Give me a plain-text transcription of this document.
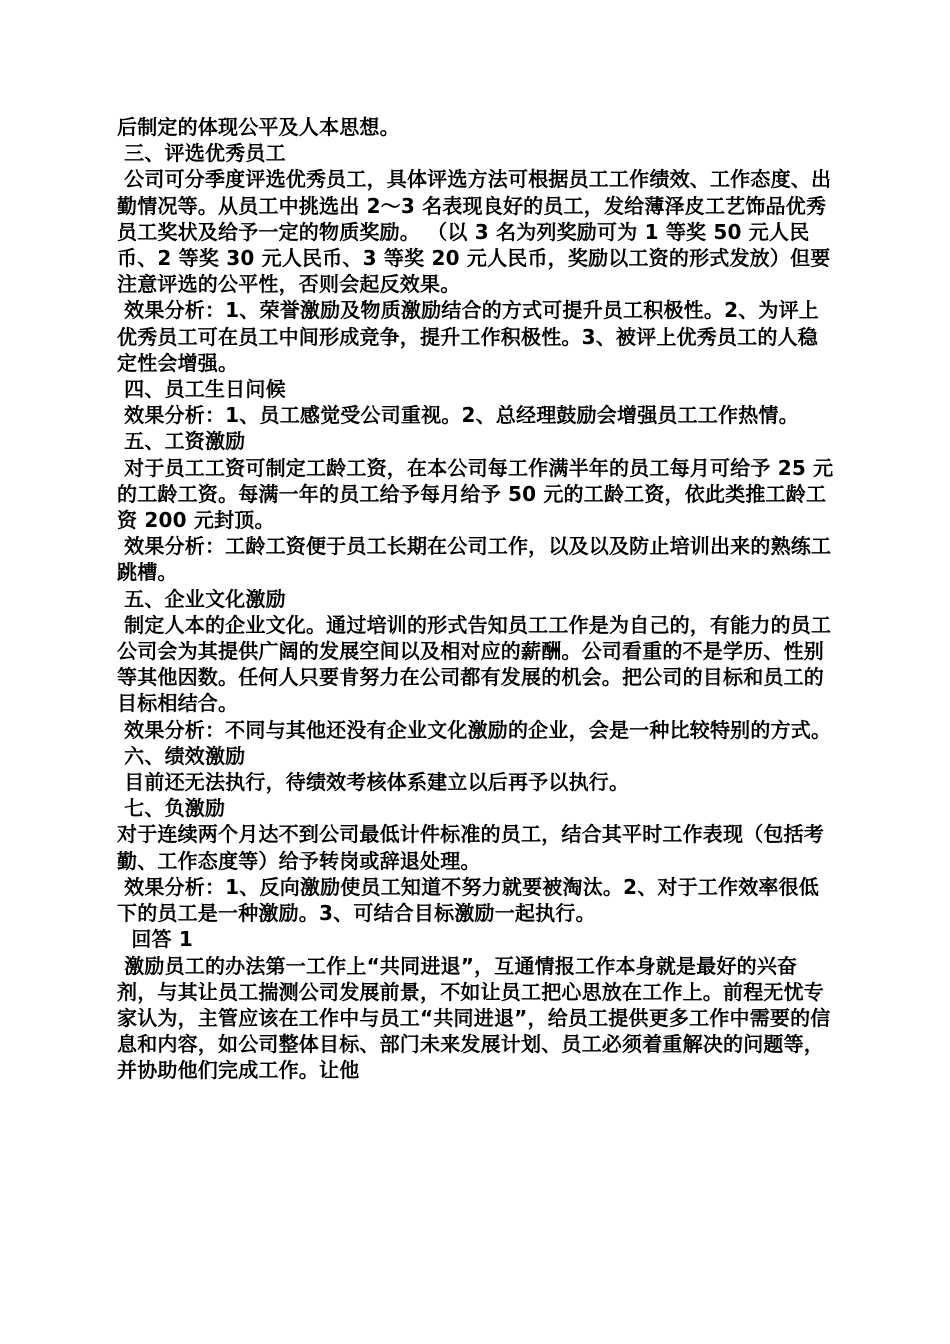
后制定的体现公平及人本思想。

三、评选优秀员工

公司可分季度评选优秀员工，具体评选方法可根据员工工作绩效、工作态度、出勤情况等。从员工中挑选出 2～3 名表现良好的员工，发给薄泽皮工艺饰品优秀员工奖状及给予一定的物质奖励。 （以 3 名为列奖励可为 1 等奖 50 元人民币、2 等奖 30 元人民币、3 等奖 20 元人民币，奖励以工资的形式发放）但要注意评选的公平性，否则会起反效果。

效果分析：1、荣誉激励及物质激励结合的方式可提升员工积极性。2、为评上优秀员工可在员工中间形成竞争，提升工作积极性。3、被评上优秀员工的人稳定性会增强。

四、员工生日问候

效果分析：1、员工感觉受公司重视。2、总经理鼓励会增强员工工作热情。

五、工资激励

对于员工工资可制定工龄工资，在本公司每工作满半年的员工每月可给予 25 元的工龄工资。每满一年的员工给予每月给予 50 元的工龄工资，依此类推工龄工资 200 元封顶。

效果分析：工龄工资便于员工长期在公司工作，以及以及防止培训出来的熟练工跳槽。

五、企业文化激励

制定人本的企业文化。通过培训的形式告知员工工作是为自己的，有能力的员工公司会为其提供广阔的发展空间以及相对应的薪酬。公司看重的不是学历、性别等其他因数。任何人只要肯努力在公司都有发展的机会。把公司的目标和员工的目标相结合。

效果分析：不同与其他还没有企业文化激励的企业，会是一种比较特别的方式。

六、绩效激励

目前还无法执行，待绩效考核体系建立以后再予以执行。

七、负激励

对于连续两个月达不到公司最低计件标准的员工，结合其平时工作表现（包括考勤、工作态度等）给予转岗或辞退处理。

效果分析：1、反向激励使员工知道不努力就要被淘汰。2、对于工作效率很低下的员工是一种激励。3、可结合目标激励一起执行。

回答 1

激励员工的办法第一工作上“共同进退”，互通情报工作本身就是最好的兴奋剂，与其让员工揣测公司发展前景，不如让员工把心思放在工作上。前程无忧专家认为，主管应该在工作中与员工“共同进退”，给员工提供更多工作中需要的信息和内容，如公司整体目标、部门未来发展计划、员工必须着重解决的问题等，并协助他们完成工作。让他
